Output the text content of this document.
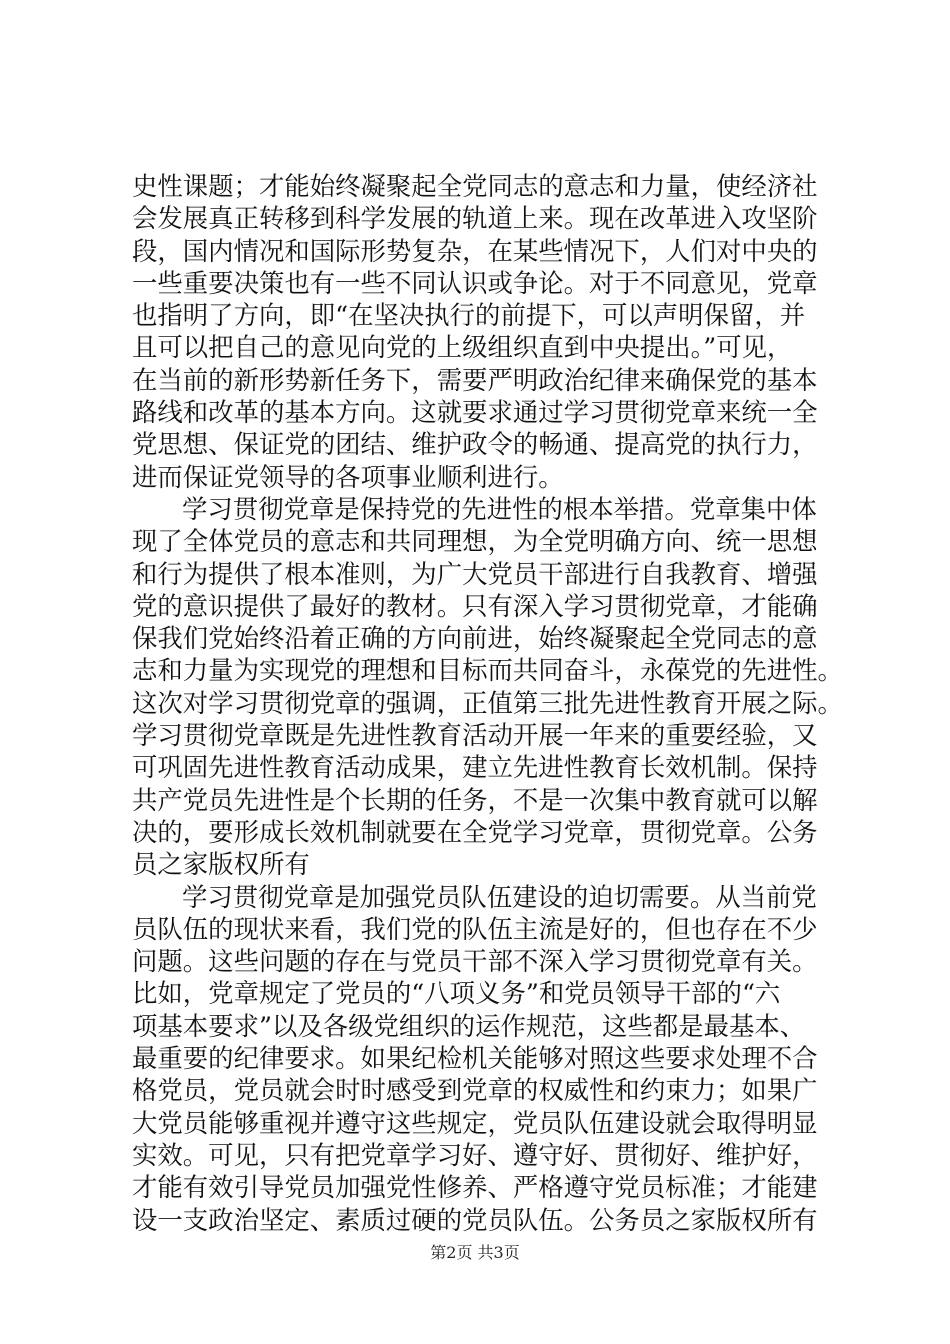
史性课题；才能始终凝聚起全党同志的意志和力量，使经济社
会发展真正转移到科学发展的轨道上来。现在改革进入攻坚阶
段，国内情况和国际形势复杂，在某些情况下，人们对中央的
一些重要决策也有一些不同认识或争论。对于不同意见，党章
也指明了方向，即“在坚决执行的前提下，可以声明保留，并
且可以把自己的意见向党的上级组织直到中央提出。”可见，
在当前的新形势新任务下，需要严明政治纪律来确保党的基本
路线和改革的基本方向。这就要求通过学习贯彻党章来统一全
党思想、保证党的团结、维护政令的畅通、提高党的执行力，
进而保证党领导的各项事业顺利进行。
学习贯彻党章是保持党的先进性的根本举措。党章集中体
现了全体党员的意志和共同理想，为全党明确方向、统一思想
和行为提供了根本准则，为广大党员干部进行自我教育、增强
党的意识提供了最好的教材。只有深入学习贯彻党章，才能确
保我们党始终沿着正确的方向前进，始终凝聚起全党同志的意
志和力量为实现党的理想和目标而共同奋斗，永葆党的先进性。
这次对学习贯彻党章的强调，正值第三批先进性教育开展之际。
学习贯彻党章既是先进性教育活动开展一年来的重要经验，又
可巩固先进性教育活动成果，建立先进性教育长效机制。保持
共产党员先进性是个长期的任务，不是一次集中教育就可以解
决的，要形成长效机制就要在全党学习党章，贯彻党章。公务
员之家版权所有
学习贯彻党章是加强党员队伍建设的迫切需要。从当前党
员队伍的现状来看，我们党的队伍主流是好的，但也存在不少
问题。这些问题的存在与党员干部不深入学习贯彻党章有关。
比如，党章规定了党员的“八项义务”和党员领导干部的“六
项基本要求”以及各级党组织的运作规范，这些都是最基本、
最重要的纪律要求。如果纪检机关能够对照这些要求处理不合
格党员，党员就会时时感受到党章的权威性和约束力；如果广
大党员能够重视并遵守这些规定，党员队伍建设就会取得明显
实效。可见，只有把党章学习好、遵守好、贯彻好、维护好，
才能有效引导党员加强党性修养、严格遵守党员标准；才能建
设一支政治坚定、素质过硬的党员队伍。公务员之家版权所有
第2页 共3页
